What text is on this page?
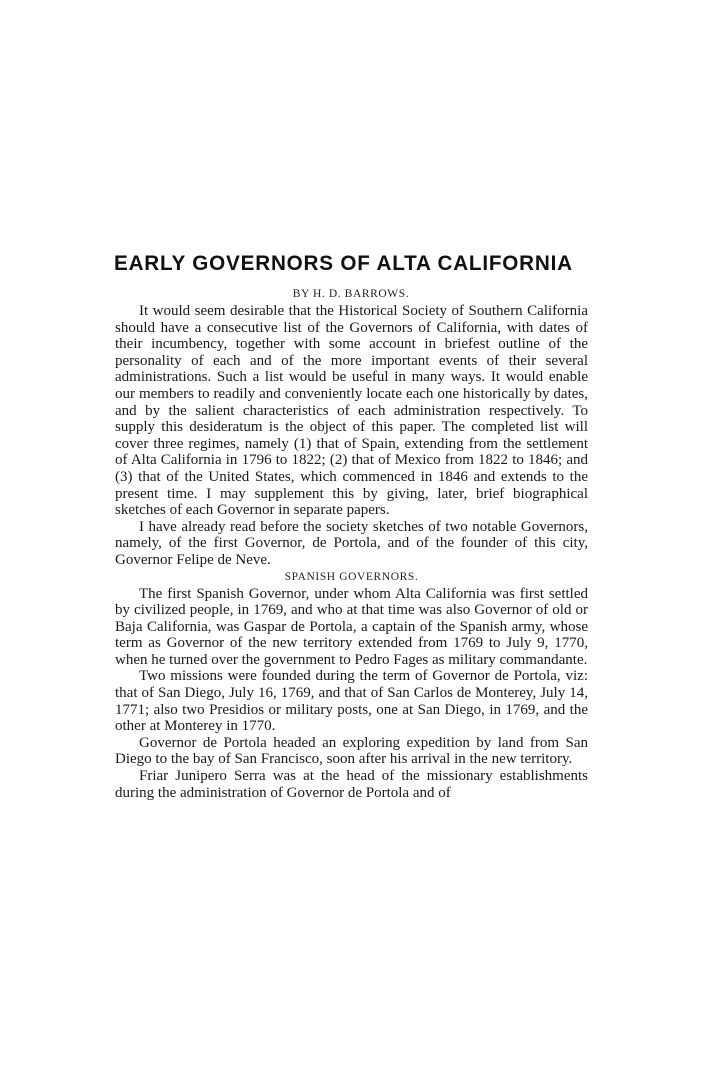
EARLY GOVERNORS OF ALTA CALIFORNIA
BY H. D. BARROWS.

It would seem desirable that the Historical Society of Southern California should have a consecutive list of the Governors of California, with dates of their incumbency, together with some account in briefest outline of the personality of each and of the more important events of their several administrations. Such a list would be useful in many ways. It would enable our members to readily and conveniently locate each one historically by dates, and by the salient characteristics of each administration respectively. To supply this desideratum is the object of this paper. The completed list will cover three regimes, namely (1) that of Spain, extending from the settlement of Alta California in 1796 to 1822; (2) that of Mexico from 1822 to 1846; and (3) that of the United States, which commenced in 1846 and extends to the present time. I may supplement this by giving, later, brief biographical sketches of each Governor in separate papers.

I have already read before the society sketches of two notable Governors, namely, of the first Governor, de Portola, and of the founder of this city, Governor Felipe de Neve.

SPANISH GOVERNORS.

The first Spanish Governor, under whom Alta California was first settled by civilized people, in 1769, and who at that time was also Governor of old or Baja California, was Gaspar de Portola, a captain of the Spanish army, whose term as Governor of the new territory extended from 1769 to July 9, 1770, when he turned over the government to Pedro Fages as military commandante.

Two missions were founded during the term of Governor de Portola, viz: that of San Diego, July 16, 1769, and that of San Carlos de Monterey, July 14, 1771; also two Presidios or military posts, one at San Diego, in 1769, and the other at Monterey in 1770.

Governor de Portola headed an exploring expedition by land from San Diego to the bay of San Francisco, soon after his arrival in the new territory.

Friar Junipero Serra was at the head of the missionary establishments during the administration of Governor de Portola and of
